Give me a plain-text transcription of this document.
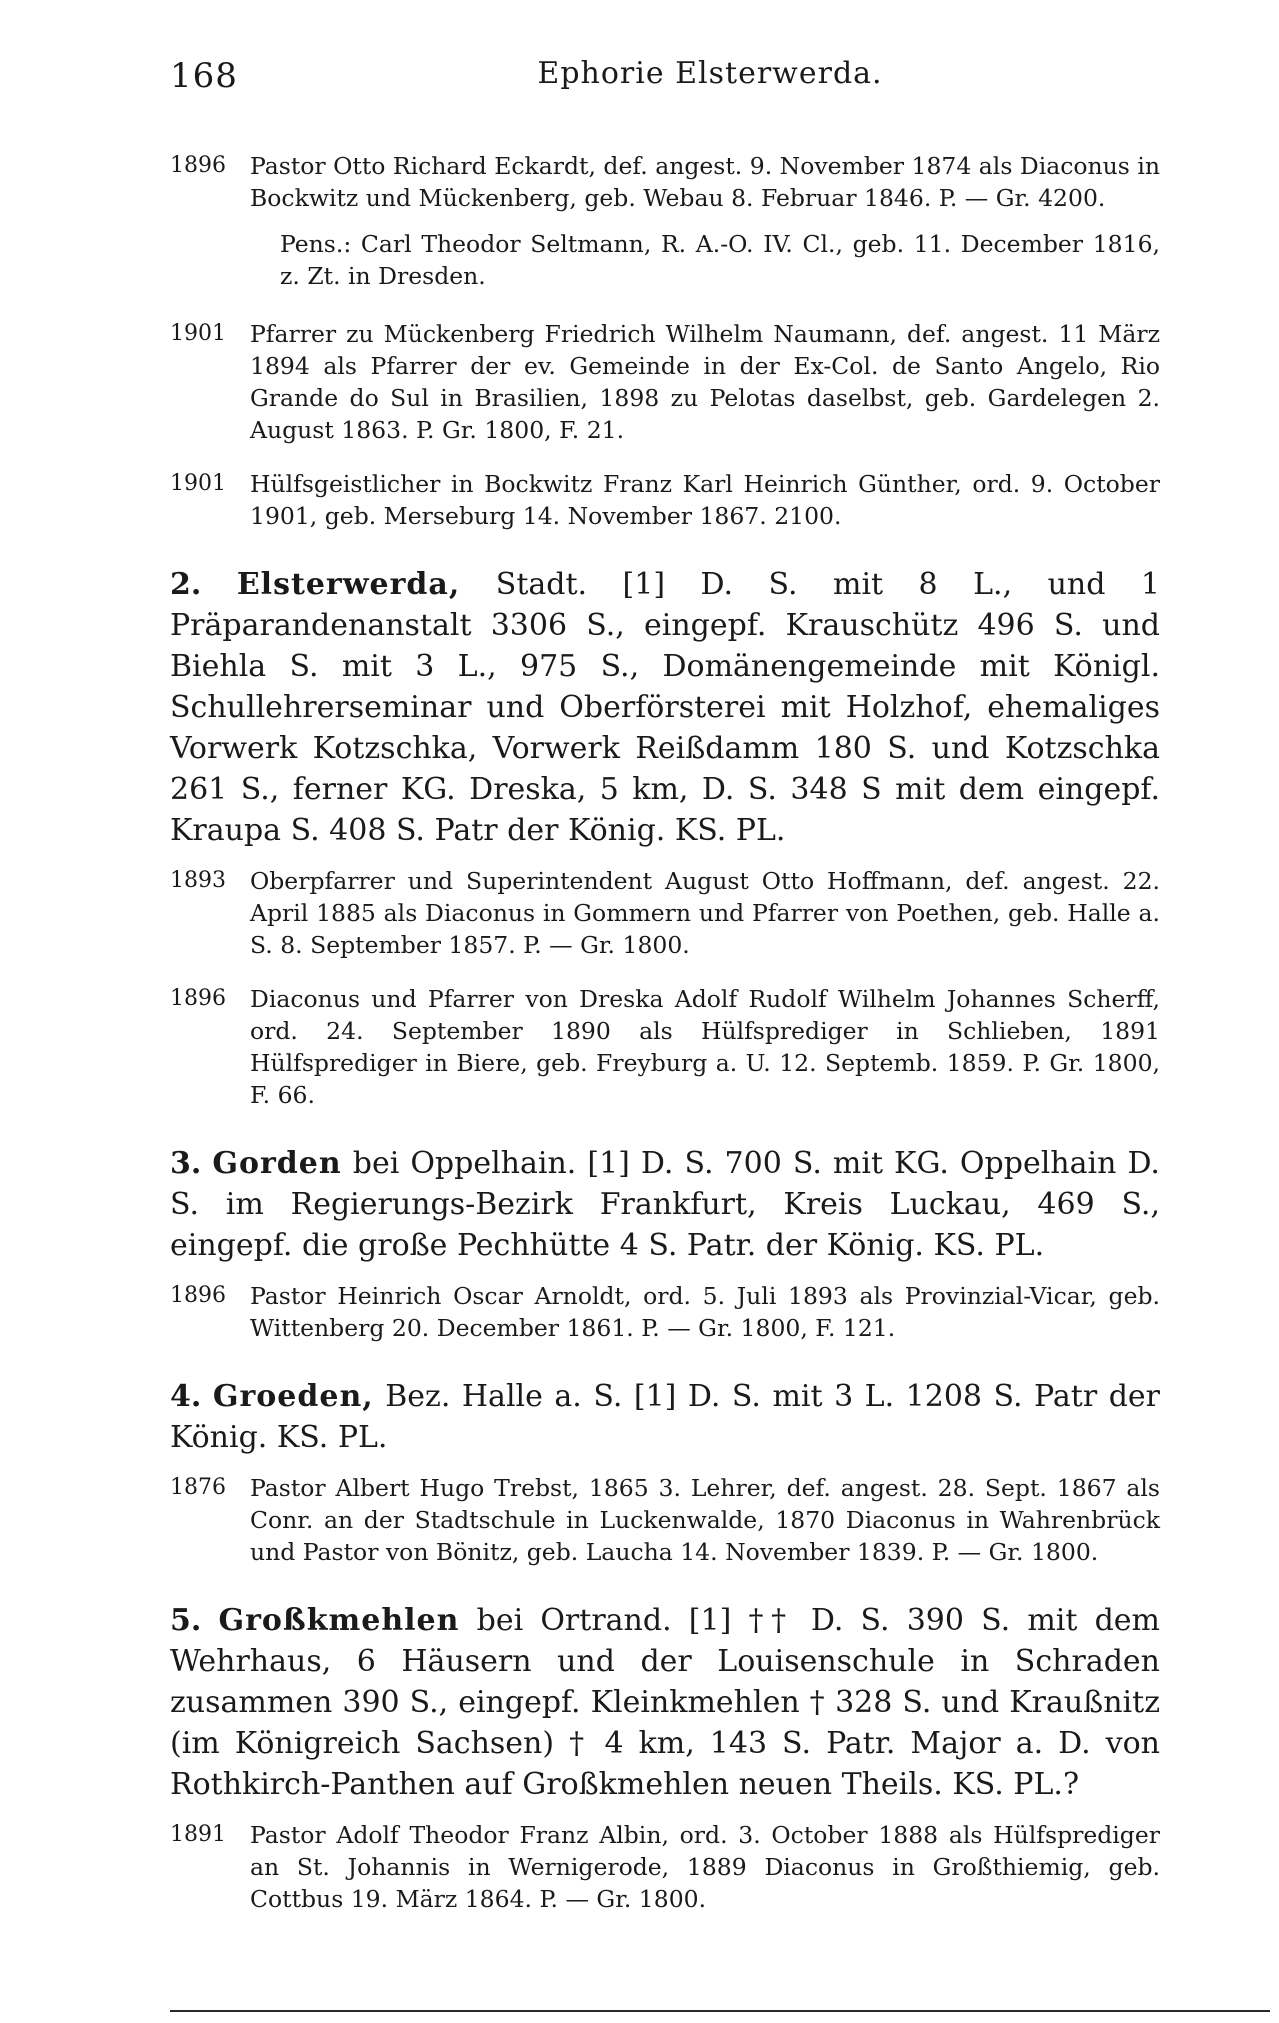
168	Ephorie Elsterwerda.
1896	Pastor Otto Richard Eckardt, def. angest. 9. November 1874 als Diaconus in Bockwitz und Mückenberg, geb. Webau 8. Februar 1846. P. — Gr. 4200.
Pens.: Carl Theodor Seltmann, R. A.-O. IV. Cl., geb. 11. December 1816, z. Zt. in Dresden.
1901	Pfarrer zu Mückenberg Friedrich Wilhelm Naumann, def. angest. 11 März 1894 als Pfarrer der ev. Gemeinde in der Ex-Col. de Santo Angelo, Rio Grande do Sul in Brasilien, 1898 zu Pelotas daselbst, geb. Gardelegen 2. August 1863. P. Gr. 1800, F. 21.
1901	Hülfsgeistlicher in Bockwitz Franz Karl Heinrich Günther, ord. 9. October 1901, geb. Merseburg 14. November 1867. 2100.
2. Elsterwerda, Stadt. [1] D. S. mit 8 L., und 1 Präparandenanstalt 3306 S., eingepf. Krauschütz 496 S. und Biehla S. mit 3 L., 975 S., Domänengemeinde mit Königl. Schullehrerseminar und Oberförsterei mit Holzhof, ehemaliges Vorwerk Kotzschka, Vorwerk Reißdamm 180 S. und Kotzschka 261 S., ferner KG. Dreska, 5 km, D. S. 348 S mit dem eingepf. Kraupa S. 408 S. Patr der König. KS. PL.
1893	Oberpfarrer und Superintendent August Otto Hoffmann, def. angest. 22. April 1885 als Diaconus in Gommern und Pfarrer von Poethen, geb. Halle a. S. 8. September 1857. P. — Gr. 1800.
1896	Diaconus und Pfarrer von Dreska Adolf Rudolf Wilhelm Johannes Scherff, ord. 24. September 1890 als Hülfsprediger in Schlieben, 1891 Hülfsprediger in Biere, geb. Freyburg a. U. 12. Septemb. 1859. P. Gr. 1800, F. 66.
3. Gorden bei Oppelhain. [1] D. S. 700 S. mit KG. Oppelhain D. S. im Regierungs-Bezirk Frankfurt, Kreis Luckau, 469 S., eingepf. die große Pechhütte 4 S. Patr. der König. KS. PL.
1896	Pastor Heinrich Oscar Arnoldt, ord. 5. Juli 1893 als Provinzial-Vicar, geb. Wittenberg 20. December 1861. P. — Gr. 1800, F. 121.
4. Groeden, Bez. Halle a. S. [1] D. S. mit 3 L. 1208 S. Patr der König. KS. PL.
1876	Pastor Albert Hugo Trebst, 1865 3. Lehrer, def. angest. 28. Sept. 1867 als Conr. an der Stadtschule in Luckenwalde, 1870 Diaconus in Wahrenbrück und Pastor von Bönitz, geb. Laucha 14. November 1839. P. — Gr. 1800.
5. Großkmehlen bei Ortrand. [1] †† D. S. 390 S. mit dem Wehrhaus, 6 Häusern und der Louisenschule in Schraden zusammen 390 S., eingepf. Kleinkmehlen † 328 S. und Kraußnitz (im Königreich Sachsen) † 4 km, 143 S. Patr. Major a. D. von Rothkirch-Panthen auf Großkmehlen neuen Theils. KS. PL.?
1891	Pastor Adolf Theodor Franz Albin, ord. 3. October 1888 als Hülfsprediger an St. Johannis in Wernigerode, 1889 Diaconus in Großthiemig, geb. Cottbus 19. März 1864. P. — Gr. 1800.
